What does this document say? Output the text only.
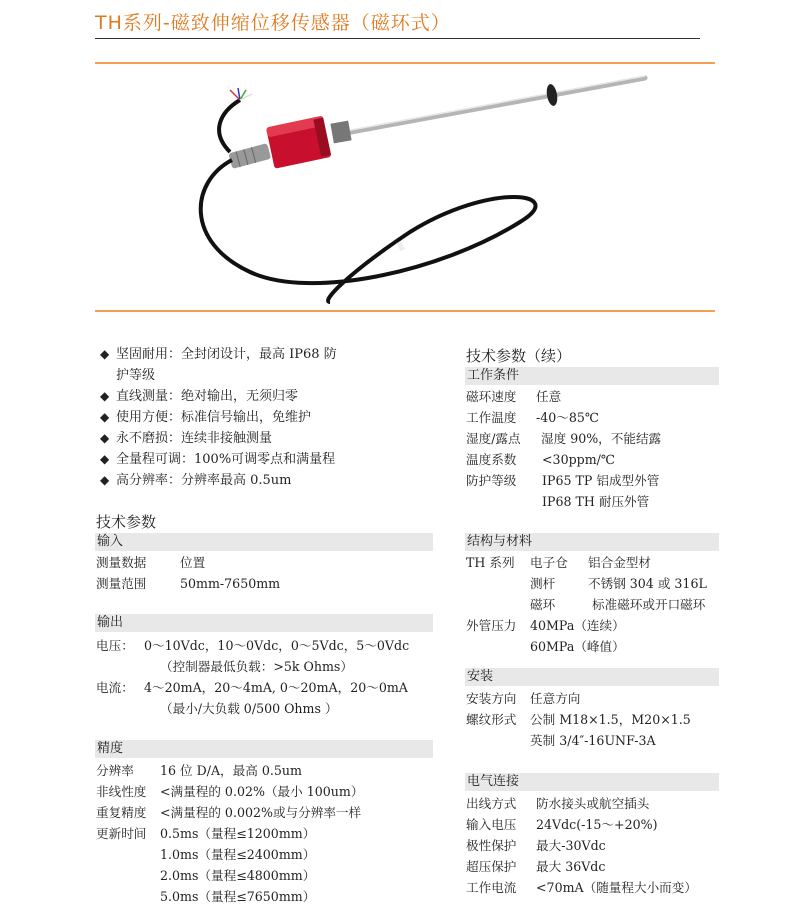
TH系列-磁致伸缩位移传感器（磁环式）
◆ 坚固耐用：全封闭设计，最高 IP68 防
护等级
◆ 直线测量：绝对输出，无须归零
◆ 使用方便：标准信号输出，免维护
◆ 永不磨损：连续非接触测量
◆ 全量程可调：100%可调零点和满量程
◆ 高分辨率：分辨率最高 0.5um
技术参数
输入
测量数据	位置
测量范围	50mm-7650mm
输出
电压： 0～10Vdc，10～0Vdc，0～5Vdc，5～0Vdc
（控制器最低负载：>5k Ohms）
电流： 4～20mA，20～4mA, 0～20mA，20～0mA
（最小/大负载 0/500 Ohms ）
精度
分辨率 16 位 D/A，最高 0.5um
非线性度 <满量程的 0.02%（最小 100um）
重复精度 <满量程的 0.002%或与分辨率一样
更新时间 0.5ms（量程≤1200mm）
1.0ms（量程≤2400mm）
2.0ms（量程≤4800mm）
5.0ms（量程≤7650mm）
技术参数（续）
工作条件
磁环速度 任意
工作温度 -40～85℃
湿度/露点 湿度 90%，不能结露
温度系数 <30ppm/℃
防护等级 IP65 TP 铝成型外管
IP68 TH 耐压外管
结构与材料
TH 系列 电子仓 铝合金型材
测杆	不锈钢 304 或 316L
磁环	标准磁环或开口磁环
外管压力 40MPa（连续）
60MPa（峰值）
安装
安装方向 任意方向
螺纹形式 公制 M18×1.5，M20×1.5
英制 3/4″-16UNF-3A
电气连接
出线方式 防水接头或航空插头
输入电压 24Vdc(-15～+20%)
极性保护 最大-30Vdc
超压保护 最大 36Vdc
工作电流 <70mA（随量程大小而变）
